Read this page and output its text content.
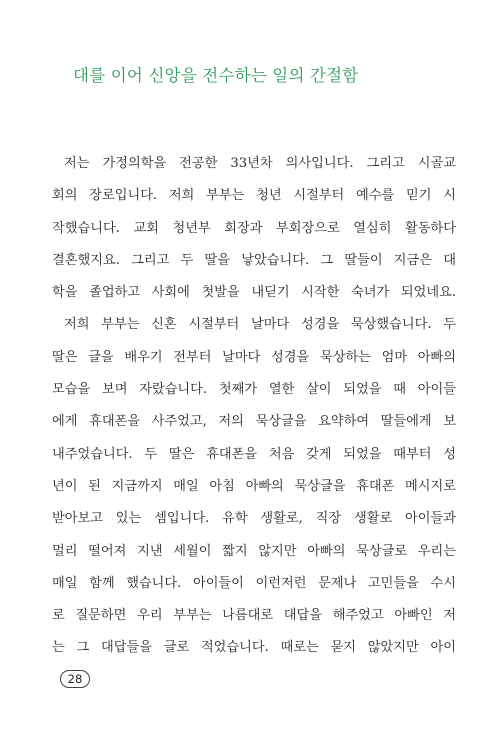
대를 이어 신앙을 전수하는 일의 간절함
저는 가정의학을 전공한 33년차 의사입니다. 그리고 시골교
회의 장로입니다. 저희 부부는 청년 시절부터 예수를 믿기 시
작했습니다. 교회 청년부 회장과 부회장으로 열심히 활동하다
결혼했지요. 그리고 두 딸을 낳았습니다. 그 딸들이 지금은 대
학을 졸업하고 사회에 첫발을 내딛기 시작한 숙녀가 되었네요.
저희 부부는 신혼 시절부터 날마다 성경을 묵상했습니다. 두
딸은 글을 배우기 전부터 날마다 성경을 묵상하는 엄마 아빠의
모습을 보며 자랐습니다. 첫째가 열한 살이 되었을 때 아이들
에게 휴대폰을 사주었고, 저의 묵상글을 요약하여 딸들에게 보
내주었습니다. 두 딸은 휴대폰을 처음 갖게 되었을 때부터 성
년이 된 지금까지 매일 아침 아빠의 묵상글을 휴대폰 메시지로
받아보고 있는 셈입니다. 유학 생활로, 직장 생활로 아이들과
멀리 떨어져 지낸 세월이 짧지 않지만 아빠의 묵상글로 우리는
매일 함께 했습니다. 아이들이 이런저런 문제나 고민들을 수시
로 질문하면 우리 부부는 나름대로 대답을 해주었고 아빠인 저
는 그 대답들을 글로 적었습니다. 때로는 묻지 않았지만 아이
28
